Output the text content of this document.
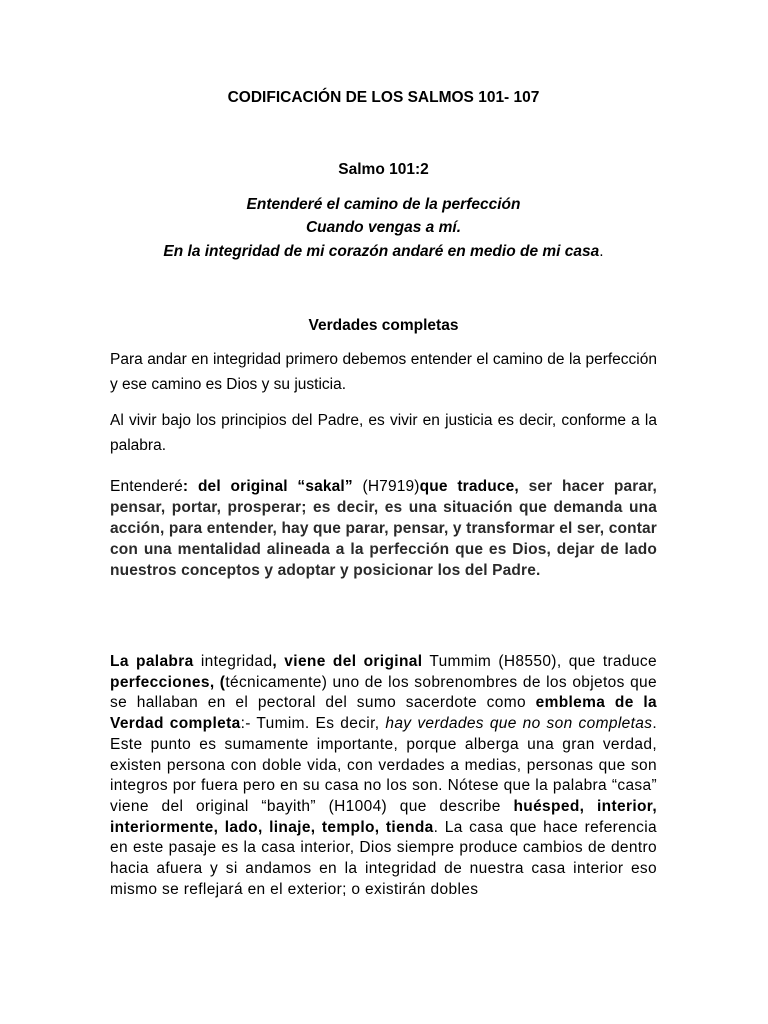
CODIFICACIÓN DE LOS SALMOS 101- 107
Salmo 101:2
Entenderé el camino de la perfección
Cuando vengas a mí.
En la integridad de mi corazón andaré en medio de mi casa.
Verdades completas
Para andar en integridad primero debemos entender el camino de la perfección y ese camino es Dios y su justicia.
Al vivir bajo los principios del Padre, es vivir en justicia es decir, conforme a la palabra.
Entenderé: del original “sakal” (H7919)que traduce, ser hacer parar, pensar, portar, prosperar; es decir, es una situación que demanda una acción, para entender, hay que parar, pensar, y transformar el ser, contar con una mentalidad alineada a la perfección que es Dios, dejar de lado nuestros conceptos y adoptar y posicionar los del Padre.
La palabra integridad, viene del original Tummim (H8550), que traduce perfecciones, (técnicamente) uno de los sobrenombres de los objetos que se hallaban en el pectoral del sumo sacerdote como emblema de la Verdad completa:- Tumim. Es decir, hay verdades que no son completas. Este punto es sumamente importante, porque alberga una gran verdad, existen persona con doble vida, con verdades a medias, personas que son integros por fuera pero en su casa no los son. Nótese que la palabra “casa” viene del original “bayith” (H1004) que describe huésped, interior, interiormente, lado, linaje, templo, tienda. La casa que hace referencia en este pasaje es la casa interior, Dios siempre produce cambios de dentro hacia afuera y si andamos en la integridad de nuestra casa interior eso mismo se reflejará en el exterior; o existirán dobles
